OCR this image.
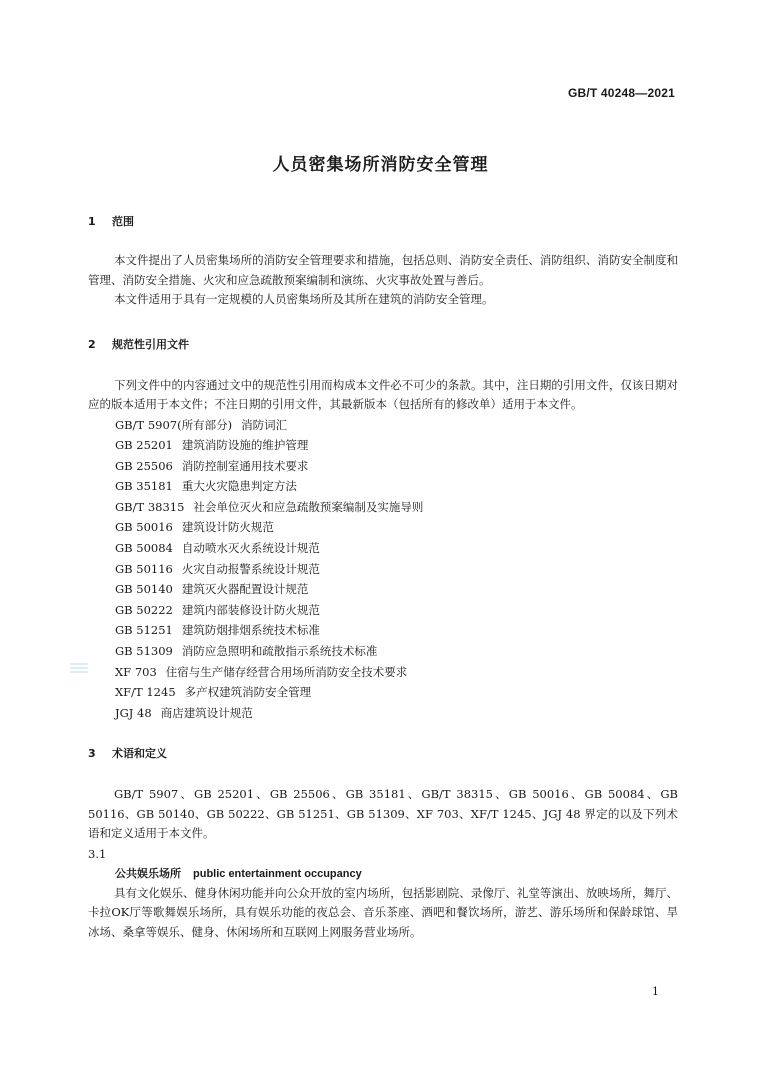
GB/T 40248—2021
人员密集场所消防安全管理
1 范围

本文件提出了人员密集场所的消防安全管理要求和措施，包括总则、消防安全责任、消防组织、消防安全制度和管理、消防安全措施、火灾和应急疏散预案编制和演练、火灾事故处置与善后。

本文件适用于具有一定规模的人员密集场所及其所在建筑的消防安全管理。

2 规范性引用文件

下列文件中的内容通过文中的规范性引用而构成本文件必不可少的条款。其中，注日期的引用文件，仅该日期对应的版本适用于本文件；不注日期的引用文件，其最新版本（包括所有的修改单）适用于本文件。

GB/T 5907(所有部分) 消防词汇
GB 25201 建筑消防设施的维护管理
GB 25506 消防控制室通用技术要求
GB 35181 重大火灾隐患判定方法
GB/T 38315 社会单位灭火和应急疏散预案编制及实施导则
GB 50016 建筑设计防火规范
GB 50084 自动喷水灭火系统设计规范
GB 50116 火灾自动报警系统设计规范
GB 50140 建筑灭火器配置设计规范
GB 50222 建筑内部装修设计防火规范
GB 51251 建筑防烟排烟系统技术标准
GB 51309 消防应急照明和疏散指示系统技术标准
XF 703 住宿与生产储存经营合用场所消防安全技术要求
XF/T 1245 多产权建筑消防安全管理
JGJ 48 商店建筑设计规范
3 术语和定义

GB/T 5907、GB 25201、GB 25506、GB 35181、GB/T 38315、GB 50016、GB 50084、GB 50116、GB 50140、GB 50222、GB 51251、GB 51309、XF 703、XF/T 1245、JGJ 48 界定的以及下列术语和定义适用于本文件。

3.1

公共娱乐场所 public entertainment occupancy

具有文化娱乐、健身休闲功能并向公众开放的室内场所，包括影剧院、录像厅、礼堂等演出、放映场所，舞厅、卡拉OK厅等歌舞娱乐场所，具有娱乐功能的夜总会、音乐茶座、酒吧和餐饮场所，游艺、游乐场所和保龄球馆、旱冰场、桑拿等娱乐、健身、休闲场所和互联网上网服务营业场所。

1
